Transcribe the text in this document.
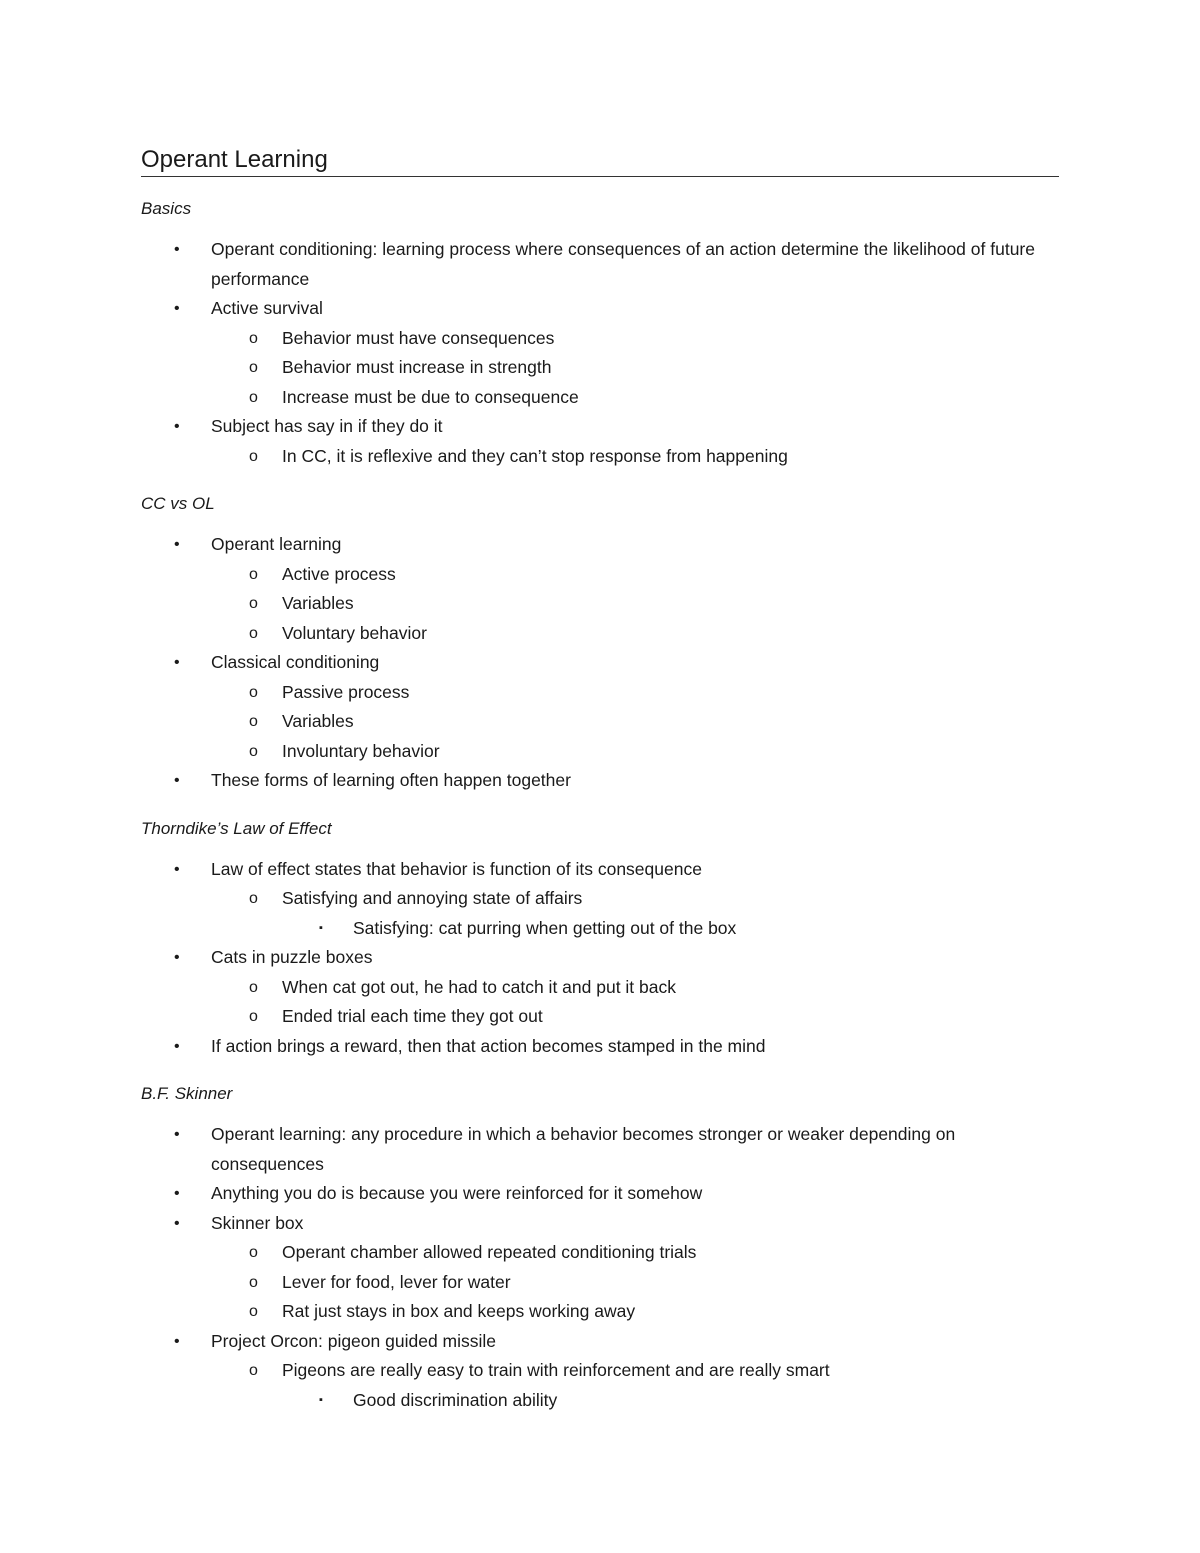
Operant Learning

Basics

• Operant conditioning: learning process where consequences of an action determine the likelihood of future performance
• Active survival
o Behavior must have consequences
o Behavior must increase in strength
o Increase must be due to consequence
• Subject has say in if they do it
o In CC, it is reflexive and they can’t stop response from happening

CC vs OL

• Operant learning
o Active process
o Variables
o Voluntary behavior
• Classical conditioning
o Passive process
o Variables
o Involuntary behavior
• These forms of learning often happen together

Thorndike’s Law of Effect

• Law of effect states that behavior is function of its consequence
o Satisfying and annoying state of affairs
▪ Satisfying: cat purring when getting out of the box
• Cats in puzzle boxes
o When cat got out, he had to catch it and put it back
o Ended trial each time they got out
• If action brings a reward, then that action becomes stamped in the mind

B.F. Skinner

• Operant learning: any procedure in which a behavior becomes stronger or weaker depending on consequences
• Anything you do is because you were reinforced for it somehow
• Skinner box
o Operant chamber allowed repeated conditioning trials
o Lever for food, lever for water
o Rat just stays in box and keeps working away
• Project Orcon: pigeon guided missile
o Pigeons are really easy to train with reinforcement and are really smart
▪ Good discrimination ability
